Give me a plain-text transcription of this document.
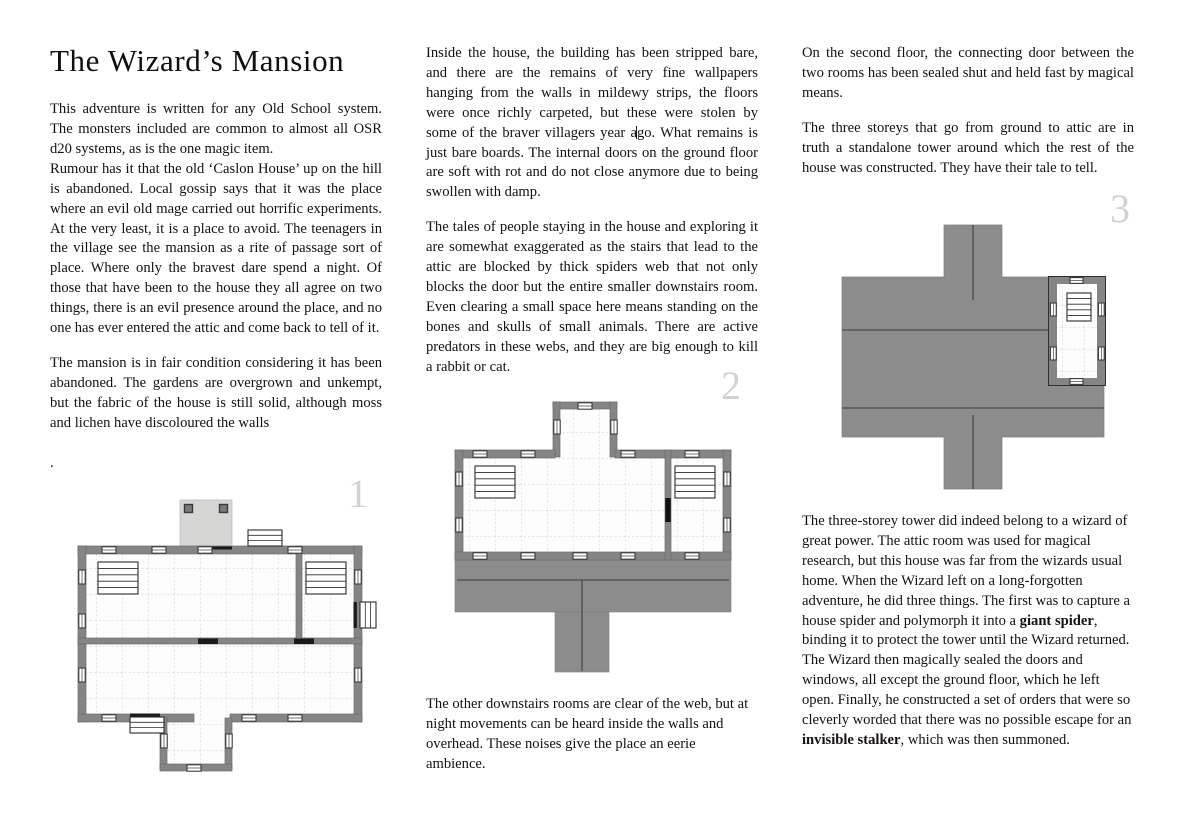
The Wizard’s Mansion

This adventure is written for any Old School system. The monsters included are common to almost all OSR d20 systems, as is the one magic item.
Rumour has it that the old ‘Caslon House’ up on the hill is abandoned. Local gossip says that it was the place where an evil old mage carried out horrific experiments. At the very least, it is a place to avoid. The teenagers in the village see the mansion as a rite of passage sort of place. Where only the bravest dare spend a night. Of those that have been to the house they all agree on two things, there is an evil presence around the place, and no one has ever entered the attic and come back to tell of it.

The mansion is in fair condition considering it has been abandoned. The gardens are overgrown and unkempt, but the fabric of the house is still solid, although moss and lichen have discoloured the walls

.

Inside the house, the building has been stripped bare, and there are the remains of very fine wallpapers hanging from the walls in mildewy strips, the floors were once richly carpeted, but these were stolen by some of the braver villagers year ago. What remains is just bare boards. The internal doors on the ground floor are soft with rot and do not close anymore due to being swollen with damp.

The tales of people staying in the house and exploring it are somewhat exaggerated as the stairs that lead to the attic are blocked by thick spiders web that not only blocks the door but the entire smaller downstairs room. Even clearing a small space here means standing on the bones and skulls of small animals. There are active predators in these webs, and they are big enough to kill a rabbit or cat.

The other downstairs rooms are clear of the web, but at night movements can be heard inside the walls and overhead. These noises give the place an eerie ambience.

On the second floor, the connecting door between the two rooms has been sealed shut and held fast by magical means.

The three storeys that go from ground to attic are in truth a standalone tower around which the rest of the house was constructed. They have their tale to tell.

The three-storey tower did indeed belong to a wizard of great power. The attic room was used for magical research, but this house was far from the wizards usual home. When the Wizard left on a long-forgotten adventure, he did three things. The first was to capture a house spider and polymorph it into a giant spider, binding it to protect the tower until the Wizard returned. The Wizard then magically sealed the doors and windows, all except the ground floor, which he left open. Finally, he constructed a set of orders that were so cleverly worded that there was no possible escape for an invisible stalker, which was then summoned.

1
2
3
